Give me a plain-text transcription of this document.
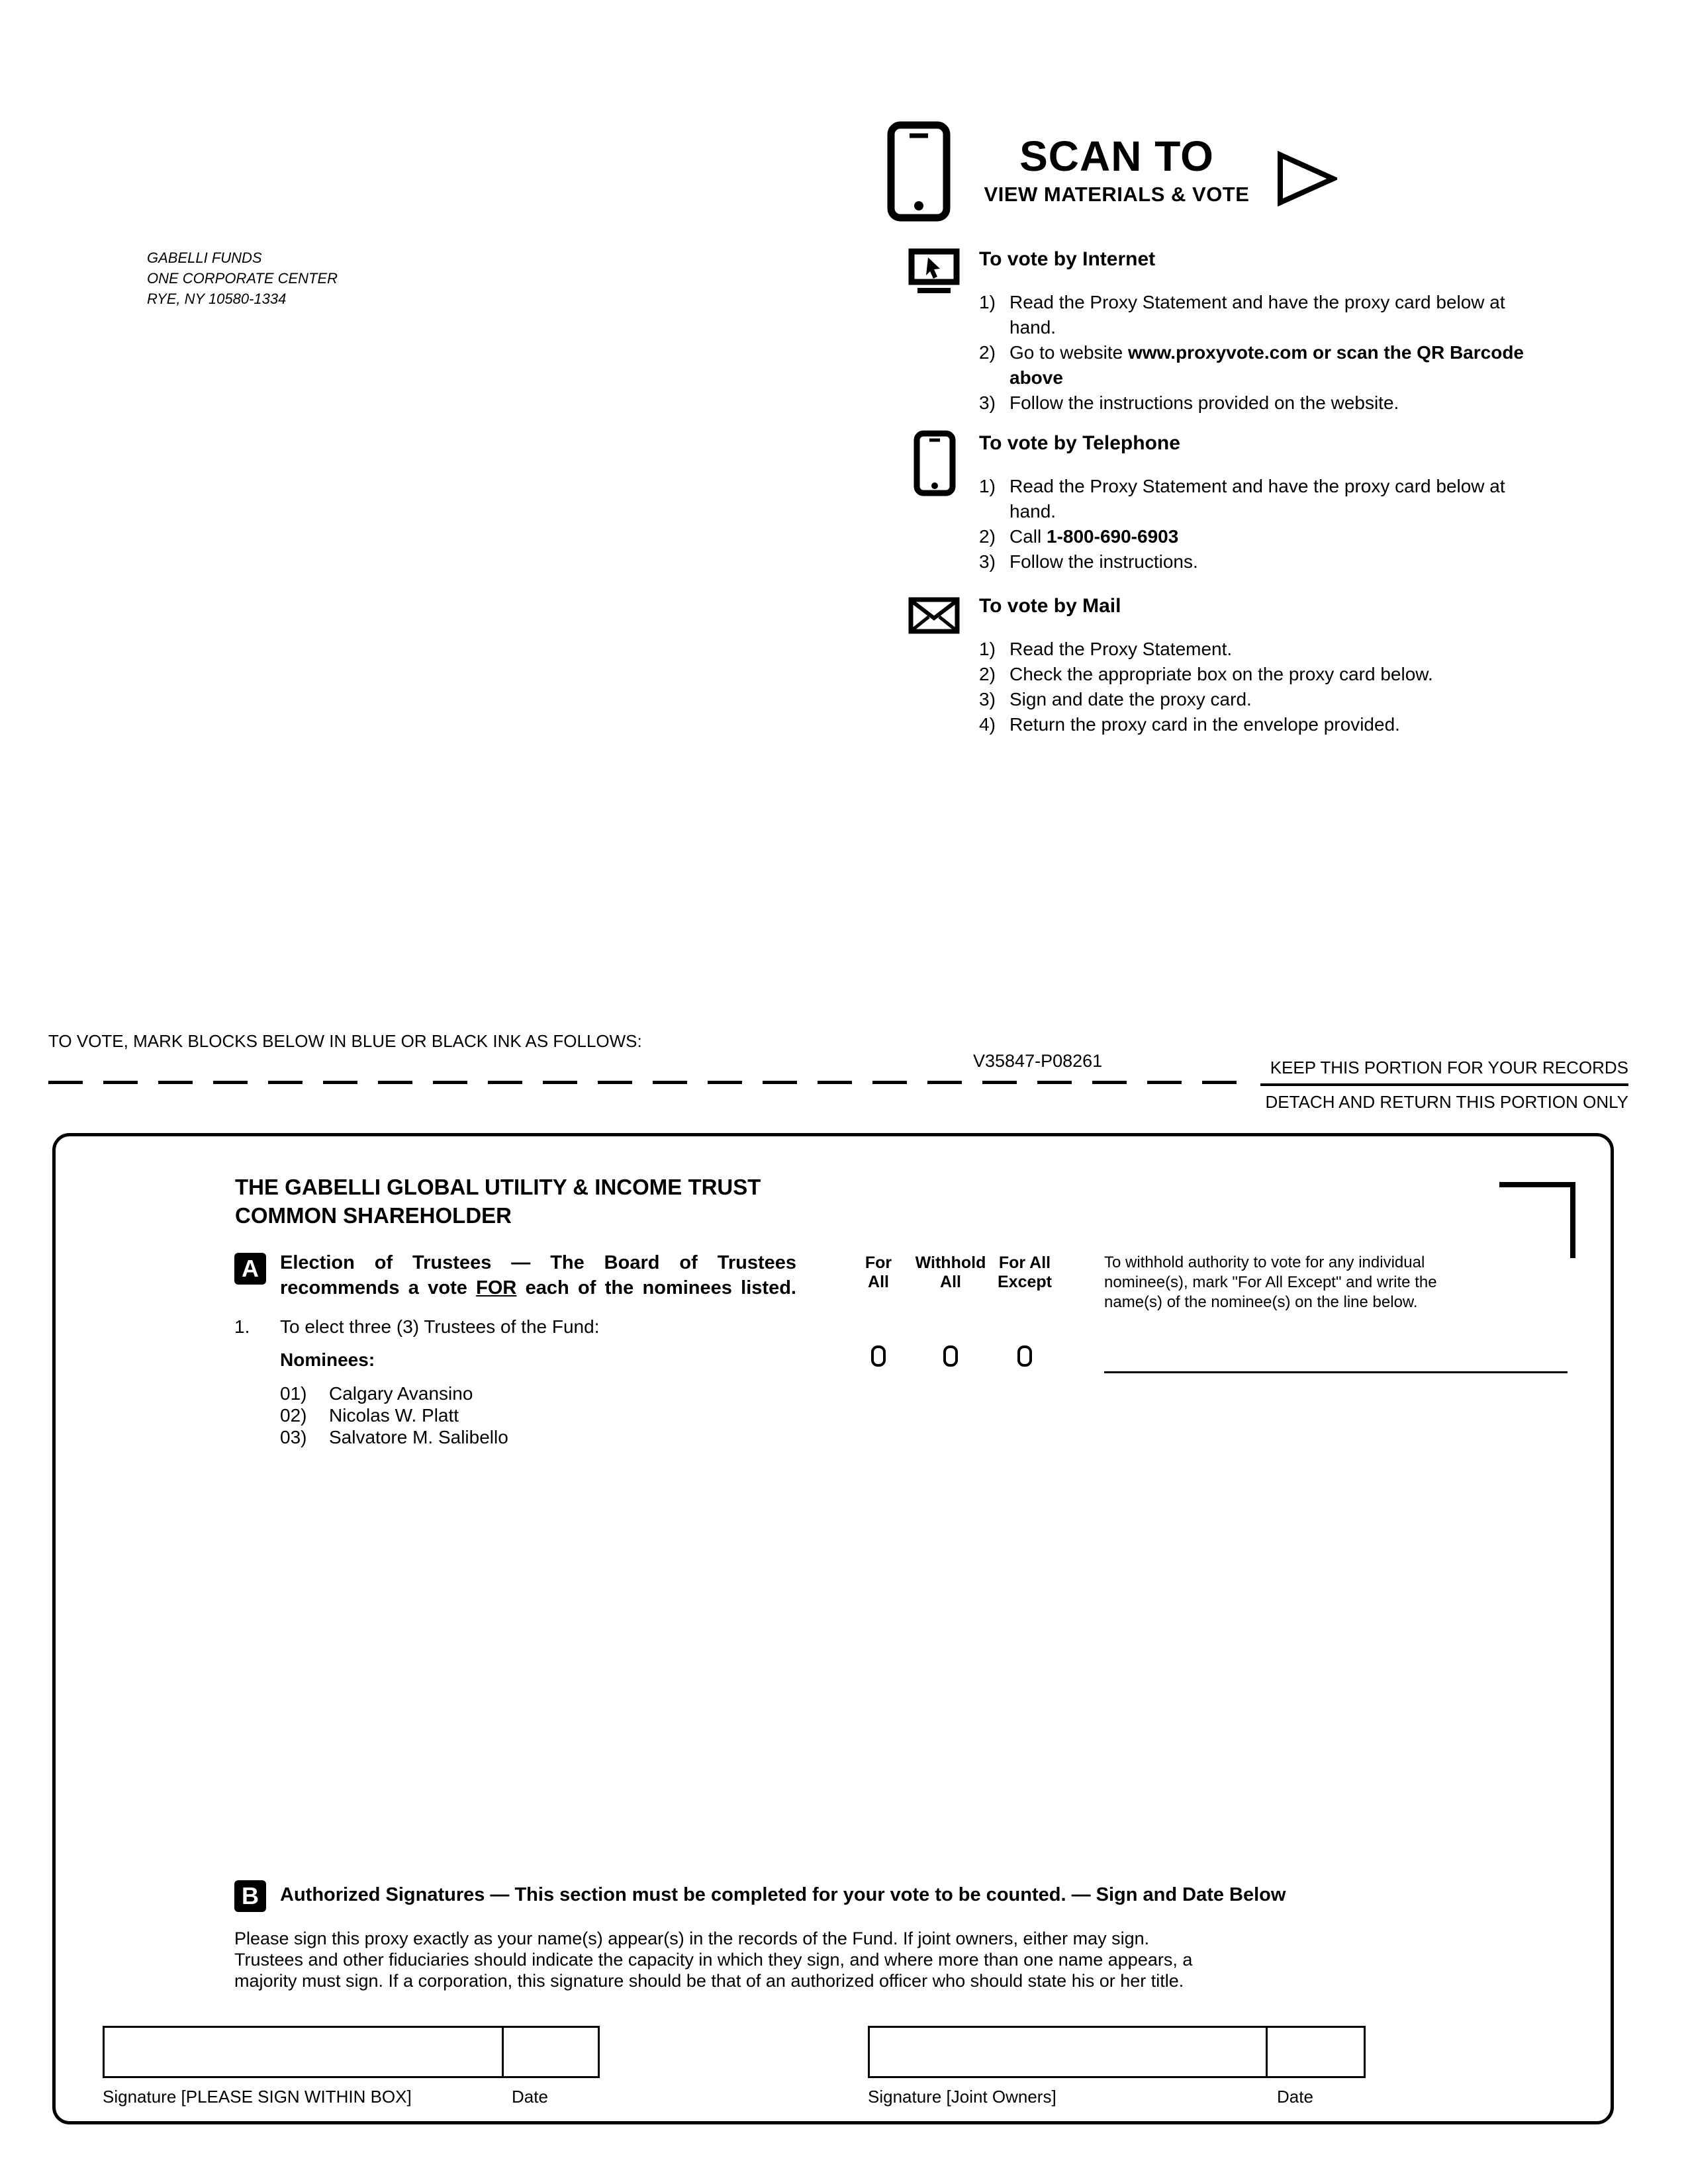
GABELLI FUNDS
ONE CORPORATE CENTER
RYE, NY 10580-1334
SCAN TO
VIEW MATERIALS & VOTE
To vote by Internet
1) Read the Proxy Statement and have the proxy card below at hand.
2) Go to website www.proxyvote.com or scan the QR Barcode above
3) Follow the instructions provided on the website.
To vote by Telephone
1) Read the Proxy Statement and have the proxy card below at hand.
2) Call 1-800-690-6903
3) Follow the instructions.
To vote by Mail
1) Read the Proxy Statement.
2) Check the appropriate box on the proxy card below.
3) Sign and date the proxy card.
4) Return the proxy card in the envelope provided.
TO VOTE, MARK BLOCKS BELOW IN BLUE OR BLACK INK AS FOLLOWS:
V35847-P08261	KEEP THIS PORTION FOR YOUR RECORDS
DETACH AND RETURN THIS PORTION ONLY
THE GABELLI GLOBAL UTILITY & INCOME TRUST
COMMON SHAREHOLDER
A	Election of Trustees — The Board of Trustees recommends a vote FOR each of the nominees listed.
For
All
Withhold
All
For All
Except
To withhold authority to vote for any individual nominee(s), mark "For All Except" and write the name(s) of the nominee(s) on the line below.
1. To elect three (3) Trustees of the Fund:
Nominees:
01)	Calgary Avansino
02)	Nicolas W. Platt
03)	Salvatore M. Salibello
B	Authorized Signatures — This section must be completed for your vote to be counted. — Sign and Date Below
Please sign this proxy exactly as your name(s) appear(s) in the records of the Fund. If joint owners, either may sign. Trustees and other fiduciaries should indicate the capacity in which they sign, and where more than one name appears, a majority must sign. If a corporation, this signature should be that of an authorized officer who should state his or her title.
Signature [PLEASE SIGN WITHIN BOX]	Date	Signature [Joint Owners]	Date
